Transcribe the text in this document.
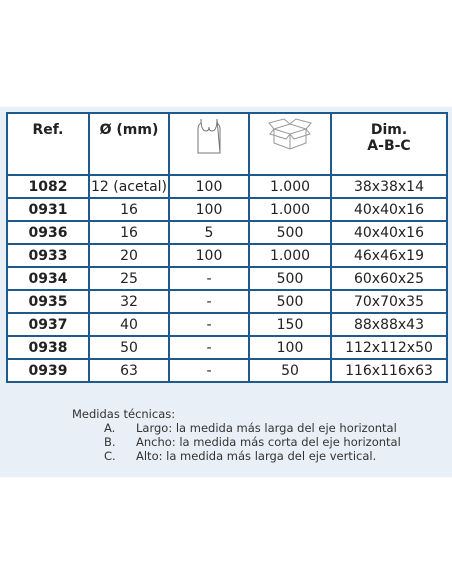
Ref.	Ø (mm)			Dim.
A-B-C

1082	12 (acetal)	100	1.000	38x38x14
0931	16	100	1.000	40x40x16
0936	16	5	500	40x40x16
0933	20	100	1.000	46x46x19
0934	25	-	500	60x60x25
0935	32	-	500	70x70x35
0937	40	-	150	88x88x43
0938	50	-	100	112x112x50
0939	63	-	50	116x116x63
Medidas técnicas:
A.	Largo: la medida más larga del eje horizontal
B.	Ancho: la medida más corta del eje horizontal
C.	Alto: la medida más larga del eje vertical.
